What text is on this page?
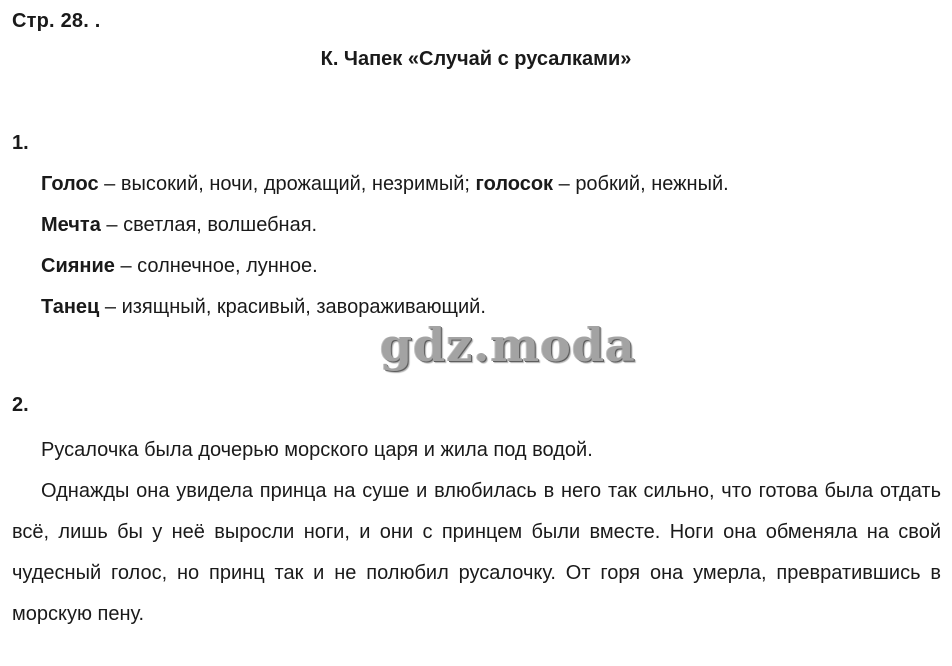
Стр. 28. .
К. Чапек «Случай с русалками»
1.
Голос – высокий, ночи, дрожащий, незримый; голосок – робкий, нежный.
Мечта – светлая, волшебная.
Сияние – солнечное, лунное.
Танец – изящный, красивый, завораживающий.
gdz.moda
2.
Русалочка была дочерью морского царя и жила под водой.
Однажды она увидела принца на суше и влюбилась в него так сильно, что готова была отдать всё, лишь бы у неё выросли ноги, и они с принцем были вместе. Ноги она обменяла на свой чудесный голос, но принц так и не полюбил русалочку. От горя она умерла, превратившись в морскую пену.
